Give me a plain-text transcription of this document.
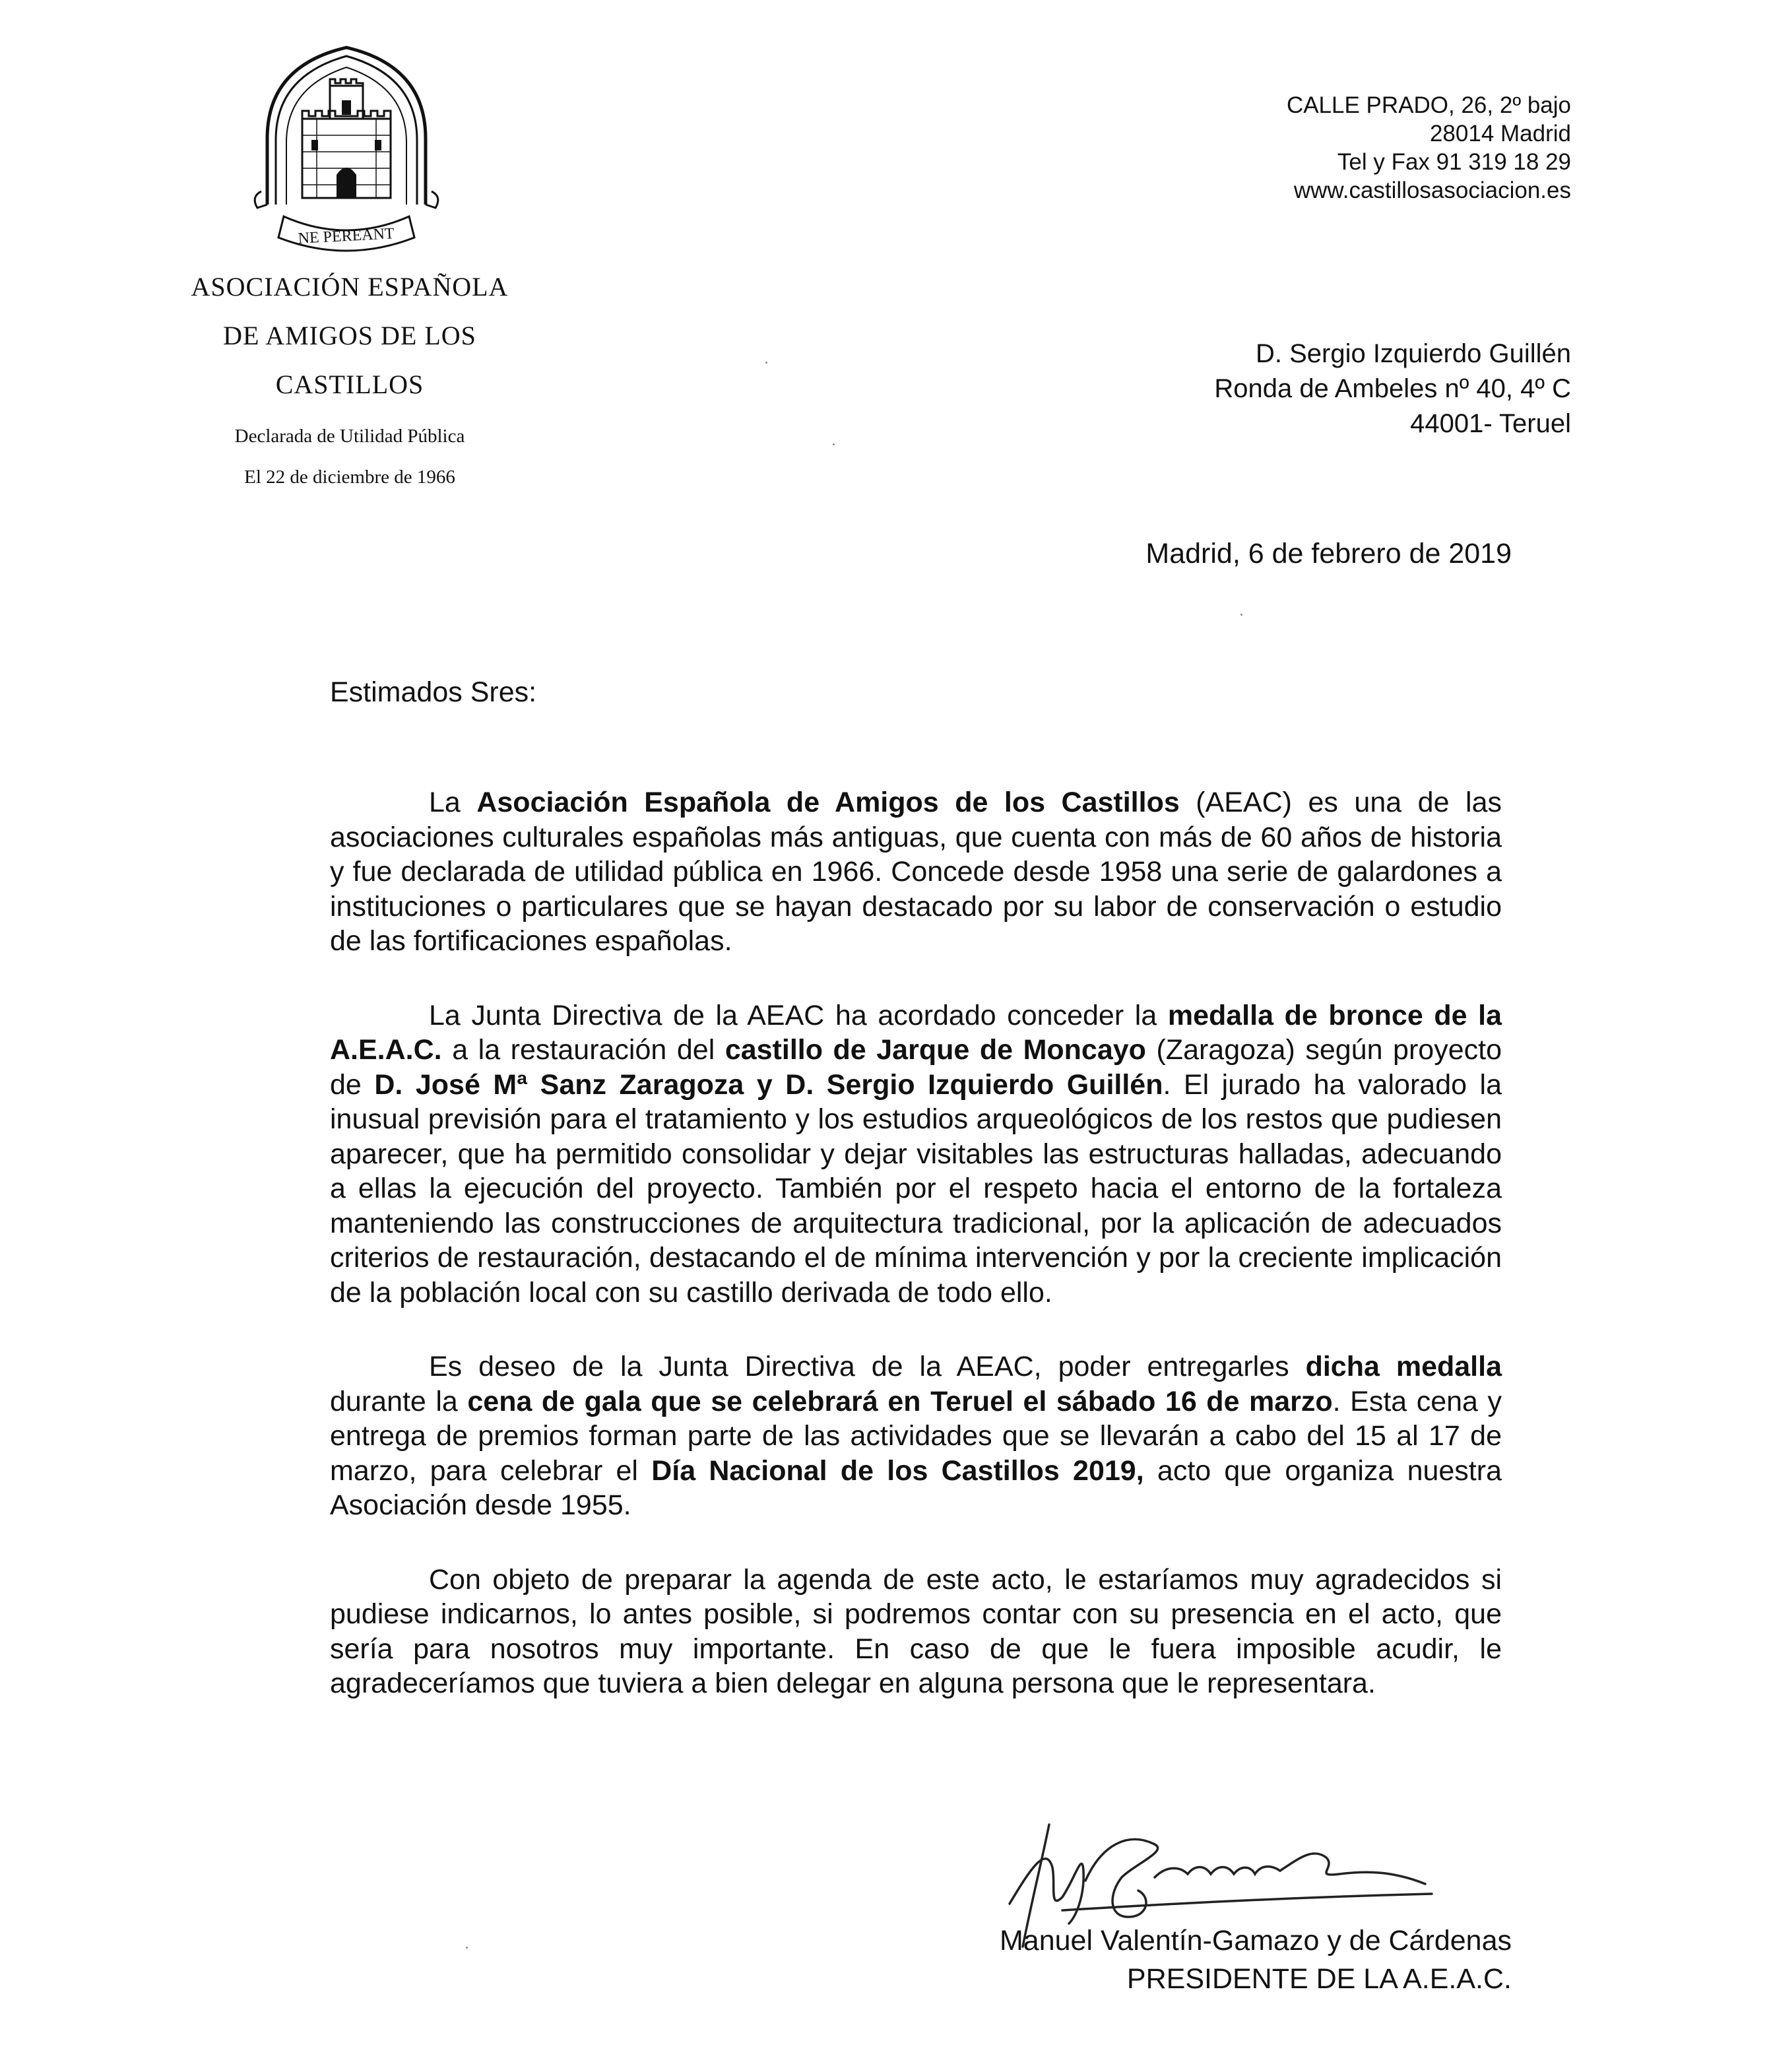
NE PEREANT
ASOCIACIÓN ESPAÑOLA
DE AMIGOS DE LOS
CASTILLOS
Declarada de Utilidad Pública
El 22 de diciembre de 1966
CALLE PRADO, 26, 2º bajo
28014 Madrid
Tel y Fax 91 319 18 29
www.castillosasociacion.es
D. Sergio Izquierdo Guillén
Ronda de Ambeles nº 40, 4º C
44001- Teruel
Madrid, 6 de febrero de 2019
Estimados Sres:

La Asociación Española de Amigos de los Castillos (AEAC) es una de las asociaciones culturales españolas más antiguas, que cuenta con más de 60 años de historia y fue declarada de utilidad pública en 1966. Concede desde 1958 una serie de galardones a instituciones o particulares que se hayan destacado por su labor de conservación o estudio de las fortificaciones españolas.

La Junta Directiva de la AEAC ha acordado conceder la medalla de bronce de la A.E.A.C. a la restauración del castillo de Jarque de Moncayo (Zaragoza) según proyecto de D. José Mª Sanz Zaragoza y D. Sergio Izquierdo Guillén. El jurado ha valorado la inusual previsión para el tratamiento y los estudios arqueológicos de los restos que pudiesen aparecer, que ha permitido consolidar y dejar visitables las estructuras halladas, adecuando a ellas la ejecución del proyecto. También por el respeto hacia el entorno de la fortaleza manteniendo las construcciones de arquitectura tradicional, por la aplicación de adecuados criterios de restauración, destacando el de mínima intervención y por la creciente implicación de la población local con su castillo derivada de todo ello.

Es deseo de la Junta Directiva de la AEAC, poder entregarles dicha medalla durante la cena de gala que se celebrará en Teruel el sábado 16 de marzo. Esta cena y entrega de premios forman parte de las actividades que se llevarán a cabo del 15 al 17 de marzo, para celebrar el Día Nacional de los Castillos 2019, acto que organiza nuestra Asociación desde 1955.

Con objeto de preparar la agenda de este acto, le estaríamos muy agradecidos si pudiese indicarnos, lo antes posible, si podremos contar con su presencia en el acto, que sería para nosotros muy importante. En caso de que le fuera imposible acudir, le agradeceríamos que tuviera a bien delegar en alguna persona que le representara.

Manuel Valentín-Gamazo y de Cárdenas
PRESIDENTE DE LA A.E.A.C.
